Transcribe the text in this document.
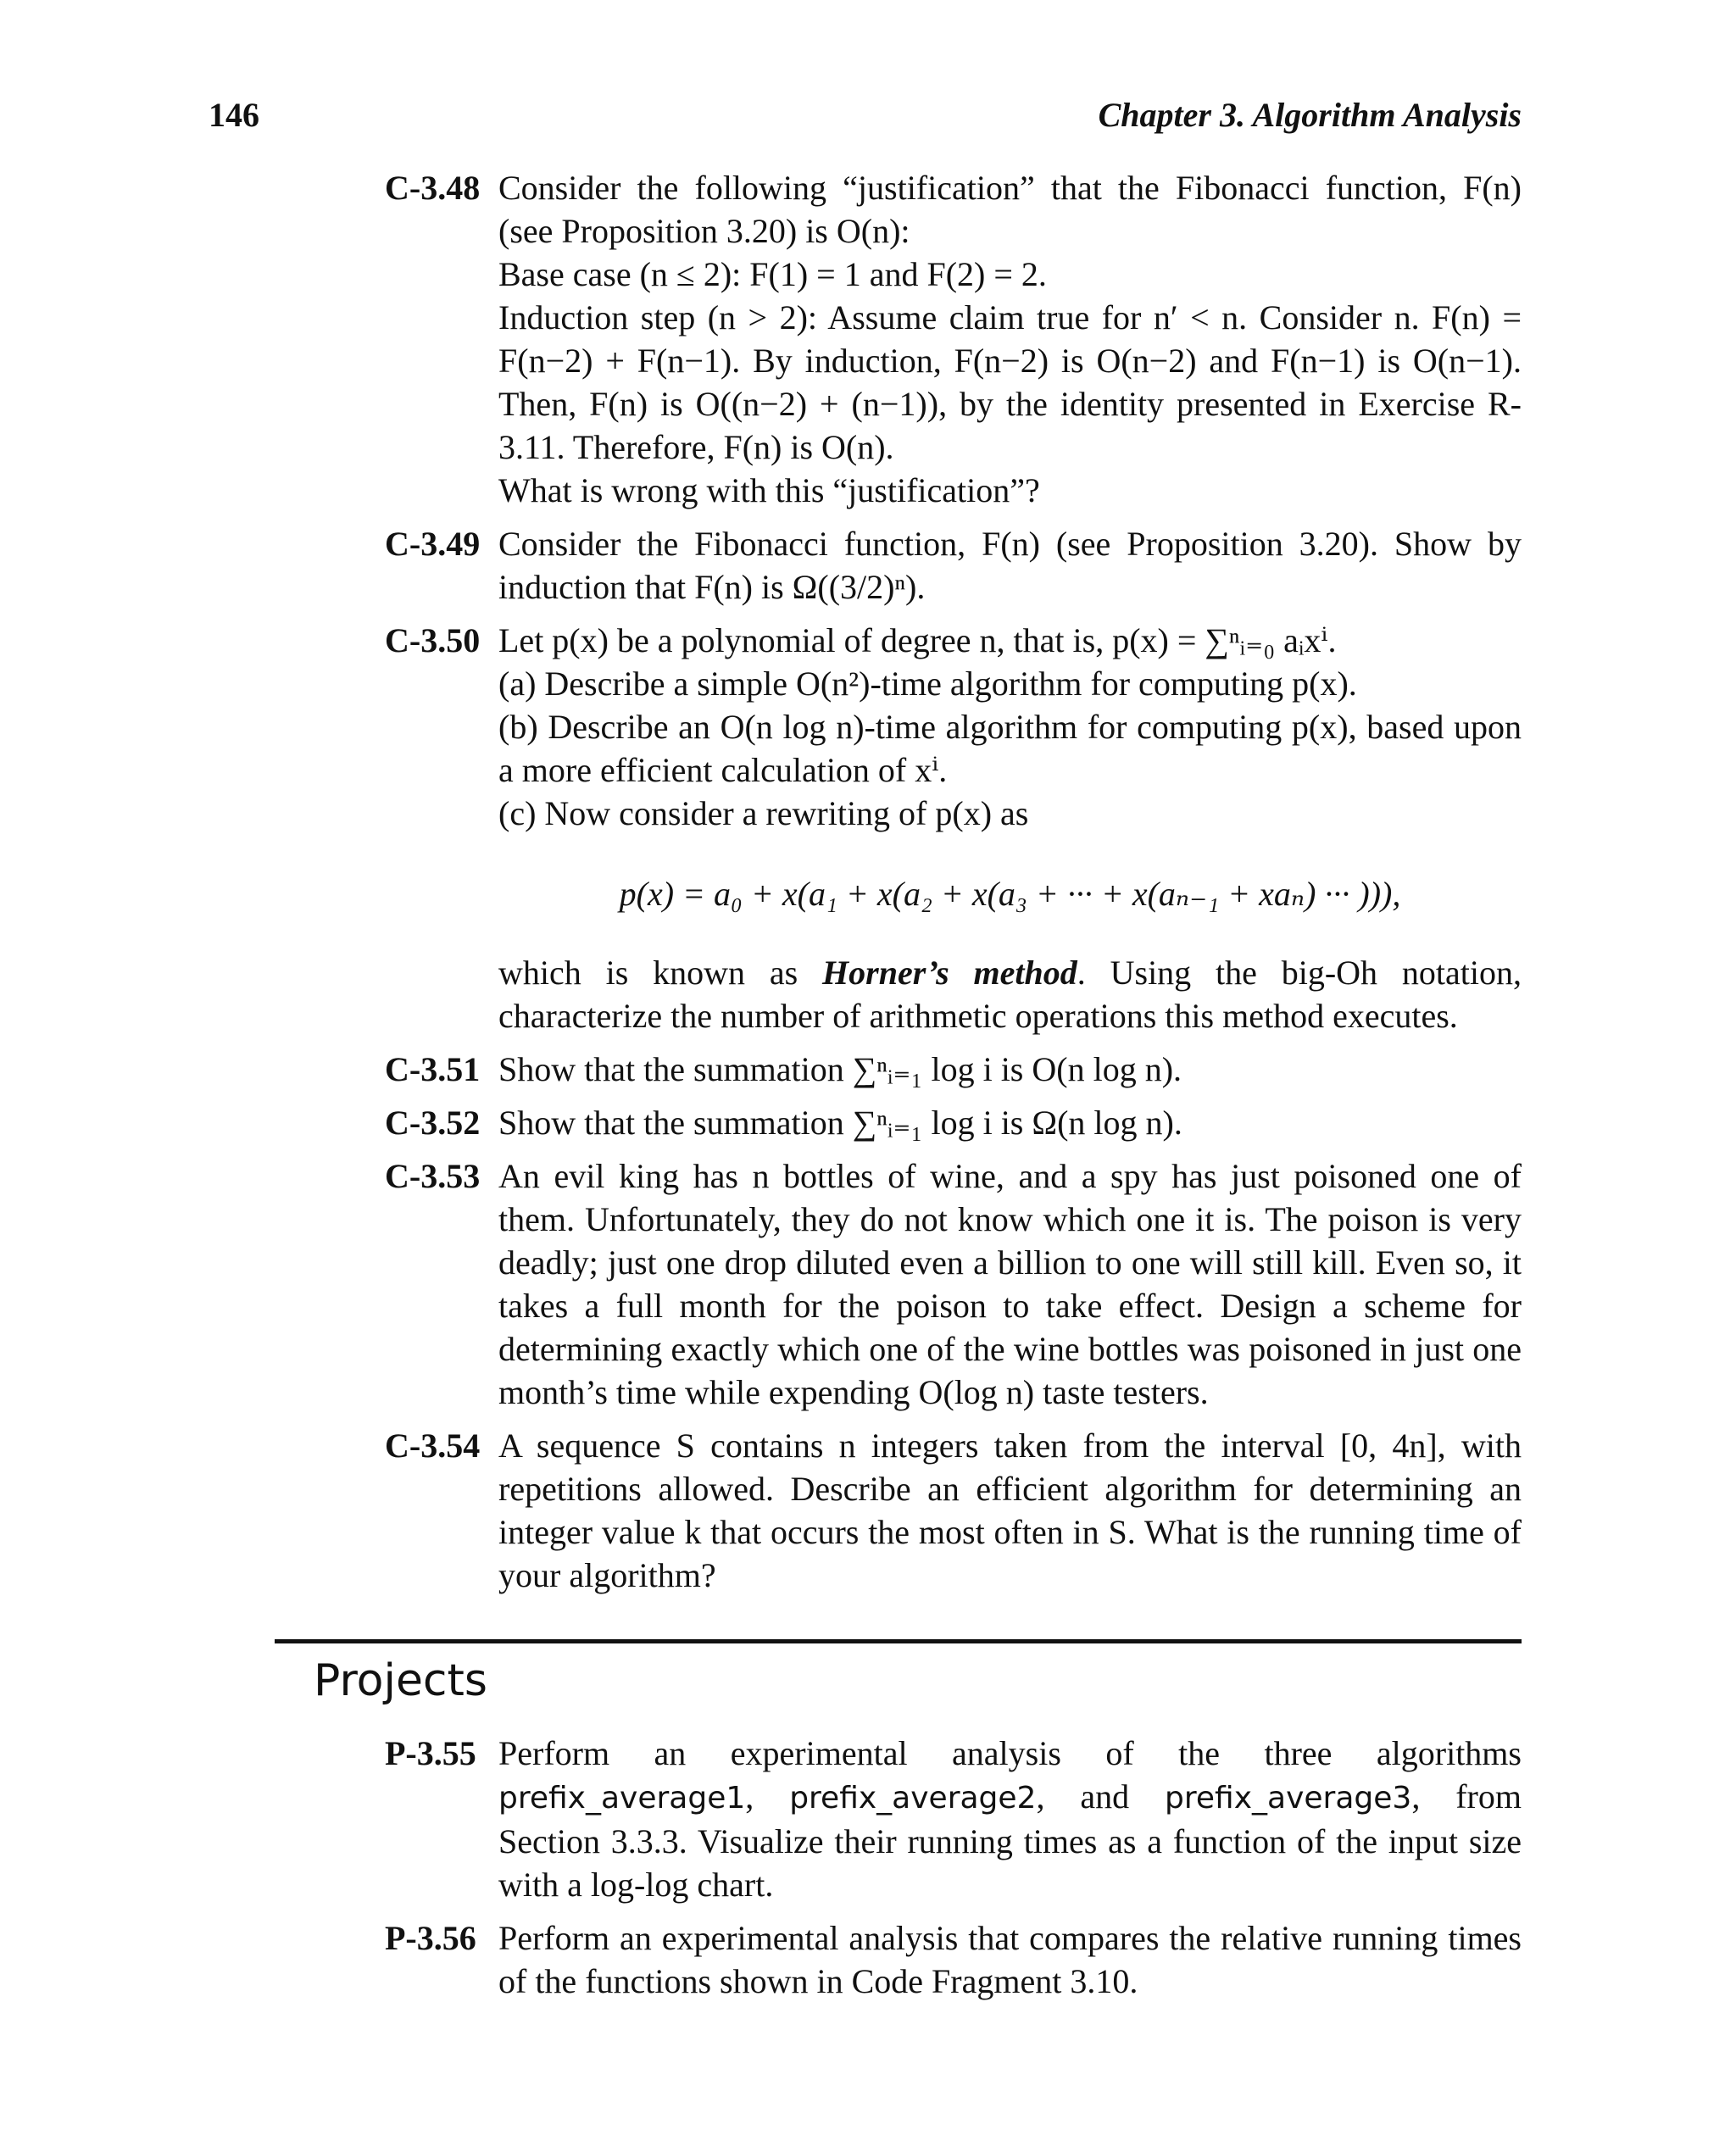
146	Chapter 3. Algorithm Analysis
C-3.48 Consider the following “justification” that the Fibonacci function, F(n) (see Proposition 3.20) is O(n):

Base case (n ≤ 2): F(1) = 1 and F(2) = 2.

Induction step (n > 2): Assume claim true for n′ < n. Consider n. F(n) = F(n−2) + F(n−1). By induction, F(n−2) is O(n−2) and F(n−1) is O(n−1). Then, F(n) is O((n−2) + (n−1)), by the identity presented in Exercise R-3.11. Therefore, F(n) is O(n).

What is wrong with this “justification”?

C-3.49 Consider the Fibonacci function, F(n) (see Proposition 3.20). Show by induction that F(n) is Ω((3/2)ⁿ).

C-3.50 Let p(x) be a polynomial of degree n, that is, p(x) = ∑ⁿᵢ₌₀ aᵢxⁱ.

(a) Describe a simple O(n²)-time algorithm for computing p(x).

(b) Describe an O(n log n)-time algorithm for computing p(x), based upon a more efficient calculation of xⁱ.

(c) Now consider a rewriting of p(x) as

p(x) = a₀ + x(a₁ + x(a₂ + x(a₃ + ··· + x(aₙ₋₁ + xaₙ) ··· ))),

which is known as Horner’s method. Using the big-Oh notation, characterize the number of arithmetic operations this method executes.

C-3.51 Show that the summation ∑ⁿᵢ₌₁ log i is O(n log n).

C-3.52 Show that the summation ∑ⁿᵢ₌₁ log i is Ω(n log n).

C-3.53 An evil king has n bottles of wine, and a spy has just poisoned one of them. Unfortunately, they do not know which one it is. The poison is very deadly; just one drop diluted even a billion to one will still kill. Even so, it takes a full month for the poison to take effect. Design a scheme for determining exactly which one of the wine bottles was poisoned in just one month’s time while expending O(log n) taste testers.

C-3.54 A sequence S contains n integers taken from the interval [0, 4n], with repetitions allowed. Describe an efficient algorithm for determining an integer value k that occurs the most often in S. What is the running time of your algorithm?

Projects
P-3.55 Perform an experimental analysis of the three algorithms prefix_average1, prefix_average2, and prefix_average3, from Section 3.3.3. Visualize their running times as a function of the input size with a log-log chart.

P-3.56 Perform an experimental analysis that compares the relative running times of the functions shown in Code Fragment 3.10.
